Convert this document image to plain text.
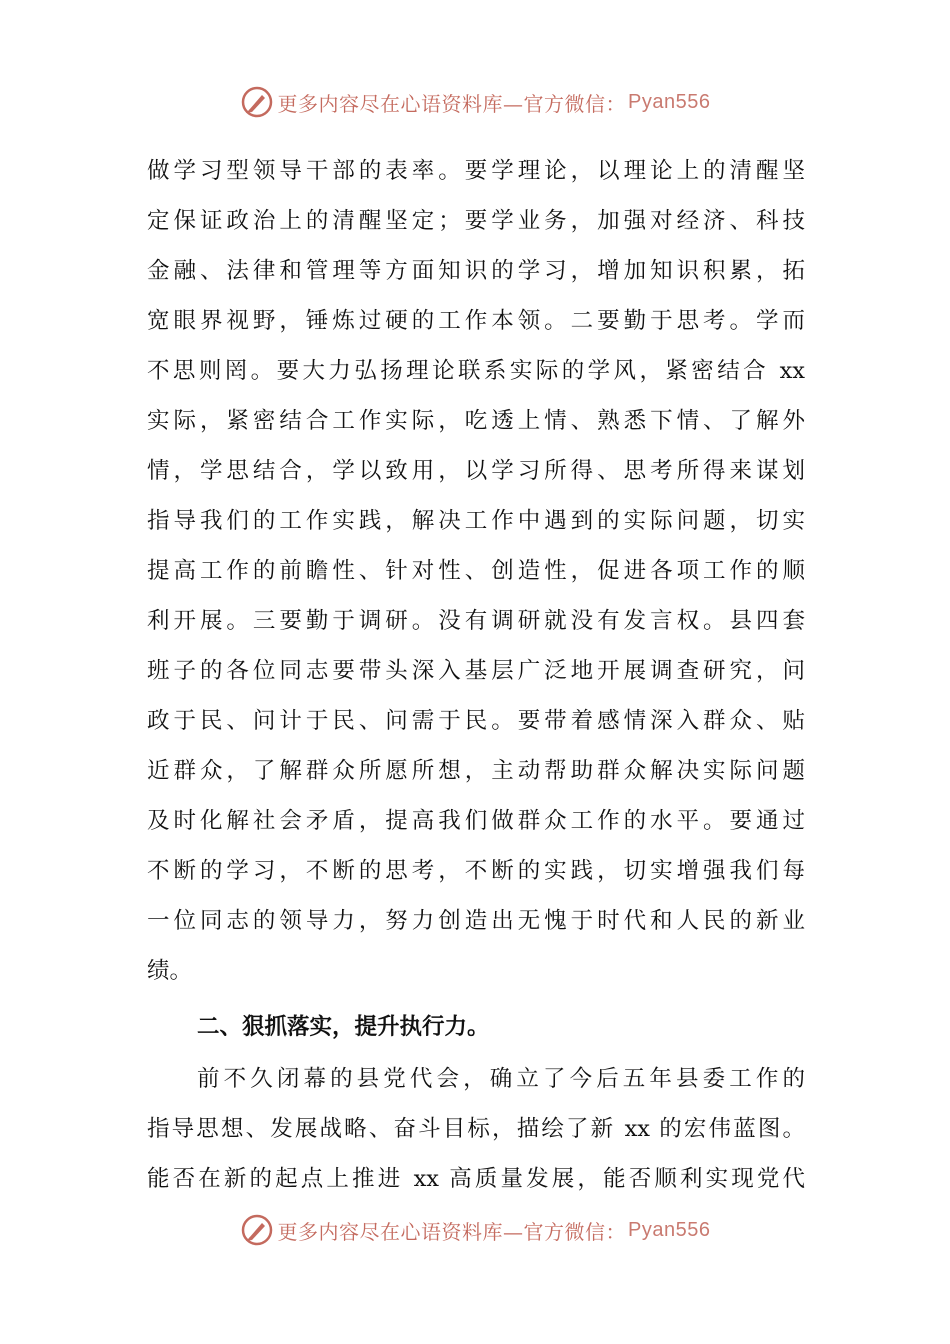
更多内容尽在心语资料库—官方微信： Pyan556
做学习型领导干部的表率。要学理论，以理论上的清醒坚
定保证政治上的清醒坚定；要学业务，加强对经济、科技
金融、法律和管理等方面知识的学习，增加知识积累，拓
宽眼界视野，锤炼过硬的工作本领。二要勤于思考。学而
不思则罔。要大力弘扬理论联系实际的学风，紧密结合 xx
实际，紧密结合工作实际，吃透上情、熟悉下情、了解外
情，学思结合，学以致用，以学习所得、思考所得来谋划
指导我们的工作实践，解决工作中遇到的实际问题，切实
提高工作的前瞻性、针对性、创造性，促进各项工作的顺
利开展。三要勤于调研。没有调研就没有发言权。县四套
班子的各位同志要带头深入基层广泛地开展调查研究，问
政于民、问计于民、问需于民。要带着感情深入群众、贴
近群众，了解群众所愿所想，主动帮助群众解决实际问题
及时化解社会矛盾，提高我们做群众工作的水平。要通过
不断的学习，不断的思考，不断的实践，切实增强我们每
一位同志的领导力，努力创造出无愧于时代和人民的新业
绩。
二、狠抓落实，提升执行力。
前不久闭幕的县党代会，确立了今后五年县委工作的
指导思想、发展战略、奋斗目标，描绘了新 xx 的宏伟蓝图。
能否在新的起点上推进 xx 高质量发展，能否顺利实现党代
更多内容尽在心语资料库—官方微信： Pyan556
